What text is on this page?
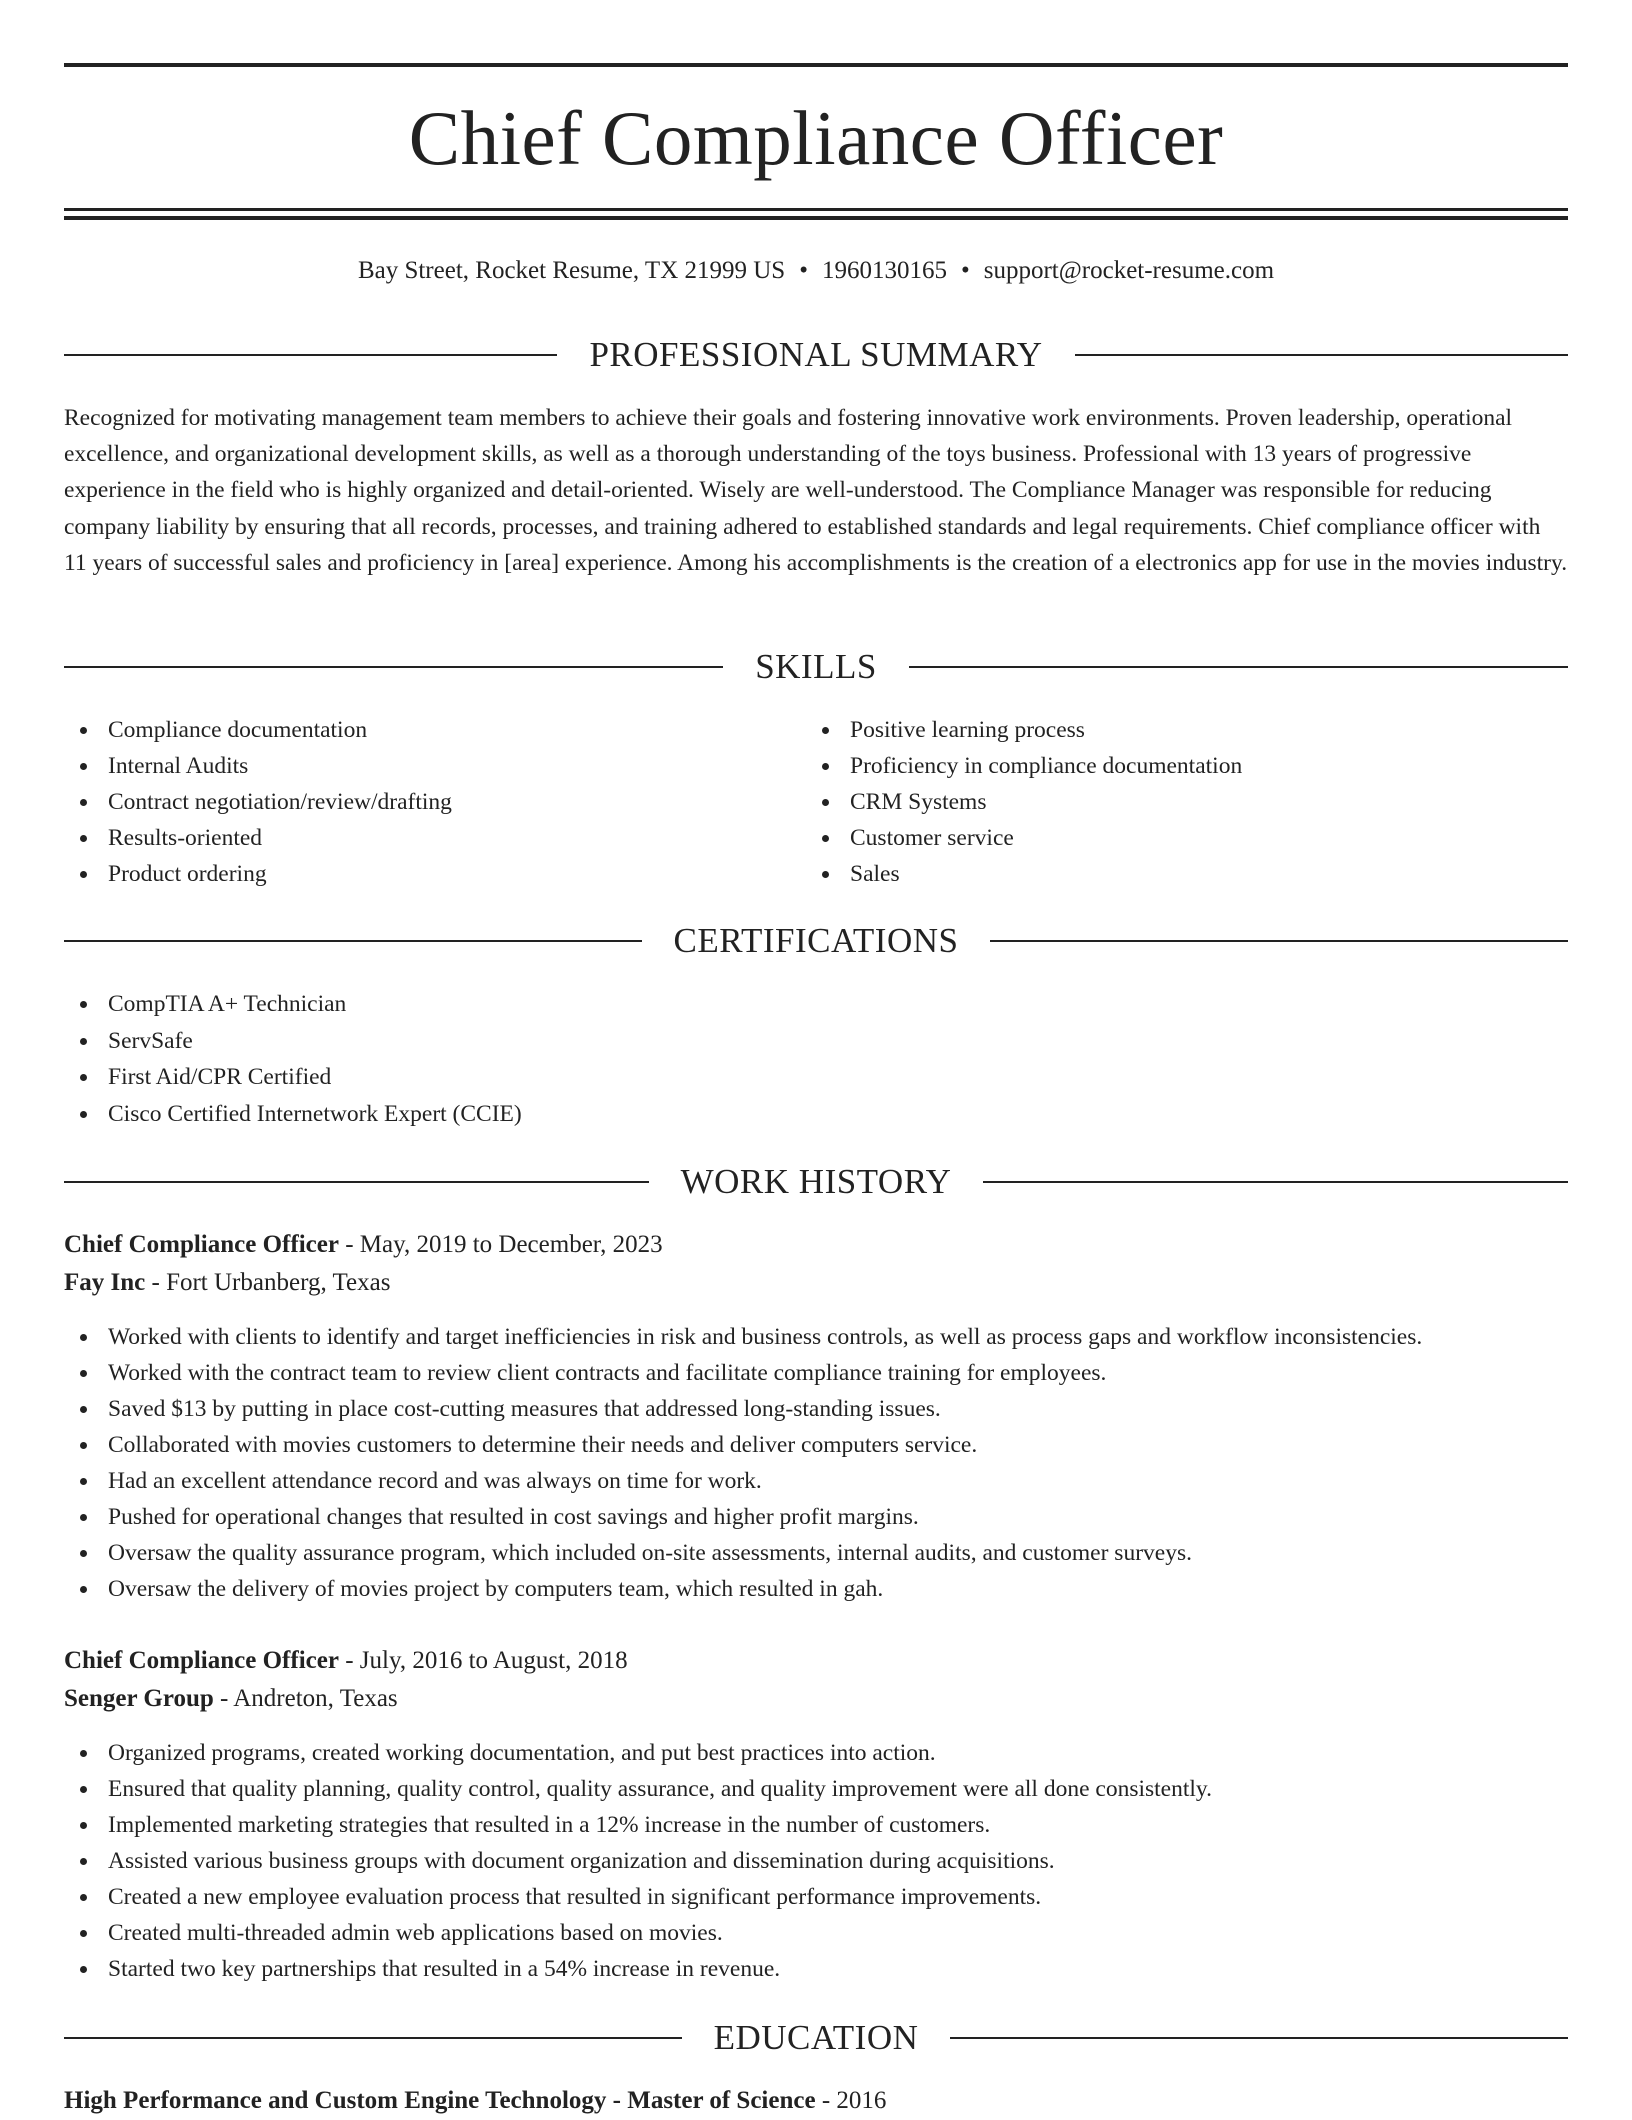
Chief Compliance Officer
Bay Street, Rocket Resume, TX 21999 US • 1960130165 • support@rocket-resume.com
PROFESSIONAL SUMMARY

Recognized for motivating management team members to achieve their goals and fostering innovative work environments. Proven leadership, operational excellence, and organizational development skills, as well as a thorough understanding of the toys business. Professional with 13 years of progressive experience in the field who is highly organized and detail-oriented. Wisely are well-understood. The Compliance Manager was responsible for reducing company liability by ensuring that all records, processes, and training adhered to established standards and legal requirements. Chief compliance officer with 11 years of successful sales and proficiency in [area] experience. Among his accomplishments is the creation of a electronics app for use in the movies industry.

SKILLS
Compliance documentation
Internal Audits
Contract negotiation/review/drafting
Results-oriented
Product ordering
Positive learning process
Proficiency in compliance documentation
CRM Systems
Customer service
Sales
CERTIFICATIONS
CompTIA A+ Technician
ServSafe
First Aid/CPR Certified
Cisco Certified Internetwork Expert (CCIE)
WORK HISTORY
Chief Compliance Officer - May, 2019 to December, 2023
Fay Inc - Fort Urbanberg, Texas
Worked with clients to identify and target inefficiencies in risk and business controls, as well as process gaps and workflow inconsistencies.
Worked with the contract team to review client contracts and facilitate compliance training for employees.
Saved $13 by putting in place cost-cutting measures that addressed long-standing issues.
Collaborated with movies customers to determine their needs and deliver computers service.
Had an excellent attendance record and was always on time for work.
Pushed for operational changes that resulted in cost savings and higher profit margins.
Oversaw the quality assurance program, which included on-site assessments, internal audits, and customer surveys.
Oversaw the delivery of movies project by computers team, which resulted in gah.
Chief Compliance Officer - July, 2016 to August, 2018
Senger Group - Andreton, Texas
Organized programs, created working documentation, and put best practices into action.
Ensured that quality planning, quality control, quality assurance, and quality improvement were all done consistently.
Implemented marketing strategies that resulted in a 12% increase in the number of customers.
Assisted various business groups with document organization and dissemination during acquisitions.
Created a new employee evaluation process that resulted in significant performance improvements.
Created multi-threaded admin web applications based on movies.
Started two key partnerships that resulted in a 54% increase in revenue.
EDUCATION
High Performance and Custom Engine Technology - Master of Science - 2016
